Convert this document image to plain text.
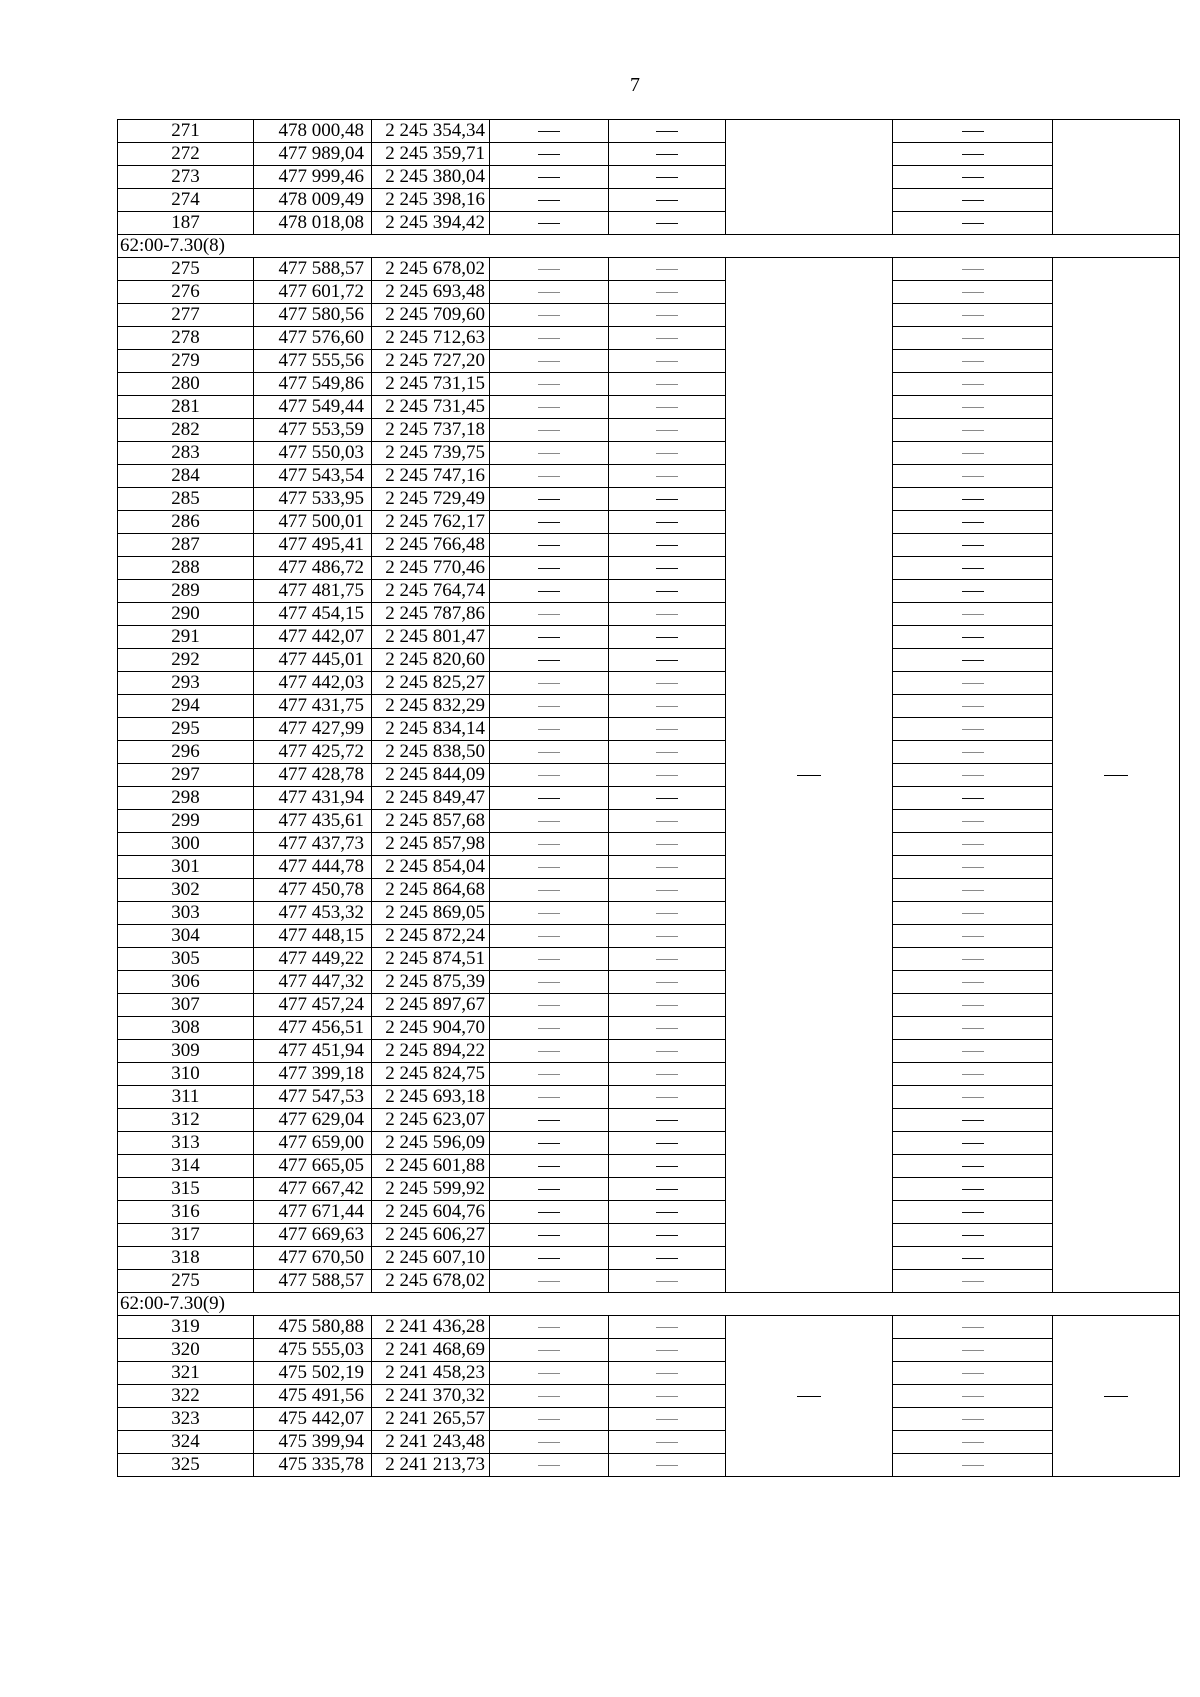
7
271	478 000,48	2 245 354,34					
272	477 989,04	2 245 359,71					
273	477 999,46	2 245 380,04					
274	478 009,49	2 245 398,16					
187	478 018,08	2 245 394,42					
62:00-7.30(8)							
275	477 588,57	2 245 678,02					
276	477 601,72	2 245 693,48					
277	477 580,56	2 245 709,60					
278	477 576,60	2 245 712,63					
279	477 555,56	2 245 727,20					
280	477 549,86	2 245 731,15					
281	477 549,44	2 245 731,45					
282	477 553,59	2 245 737,18					
283	477 550,03	2 245 739,75					
284	477 543,54	2 245 747,16					
285	477 533,95	2 245 729,49					
286	477 500,01	2 245 762,17					
287	477 495,41	2 245 766,48					
288	477 486,72	2 245 770,46					
289	477 481,75	2 245 764,74					
290	477 454,15	2 245 787,86					
291	477 442,07	2 245 801,47					
292	477 445,01	2 245 820,60					
293	477 442,03	2 245 825,27					
294	477 431,75	2 245 832,29					
295	477 427,99	2 245 834,14					
296	477 425,72	2 245 838,50					
297	477 428,78	2 245 844,09					
298	477 431,94	2 245 849,47					
299	477 435,61	2 245 857,68					
300	477 437,73	2 245 857,98					
301	477 444,78	2 245 854,04					
302	477 450,78	2 245 864,68					
303	477 453,32	2 245 869,05					
304	477 448,15	2 245 872,24					
305	477 449,22	2 245 874,51					
306	477 447,32	2 245 875,39					
307	477 457,24	2 245 897,67					
308	477 456,51	2 245 904,70					
309	477 451,94	2 245 894,22					
310	477 399,18	2 245 824,75					
311	477 547,53	2 245 693,18					
312	477 629,04	2 245 623,07					
313	477 659,00	2 245 596,09					
314	477 665,05	2 245 601,88					
315	477 667,42	2 245 599,92					
316	477 671,44	2 245 604,76					
317	477 669,63	2 245 606,27					
318	477 670,50	2 245 607,10					
275	477 588,57	2 245 678,02					
62:00-7.30(9)							
319	475 580,88	2 241 436,28					
320	475 555,03	2 241 468,69					
321	475 502,19	2 241 458,23					
322	475 491,56	2 241 370,32					
323	475 442,07	2 241 265,57					
324	475 399,94	2 241 243,48					
325	475 335,78	2 241 213,73					
